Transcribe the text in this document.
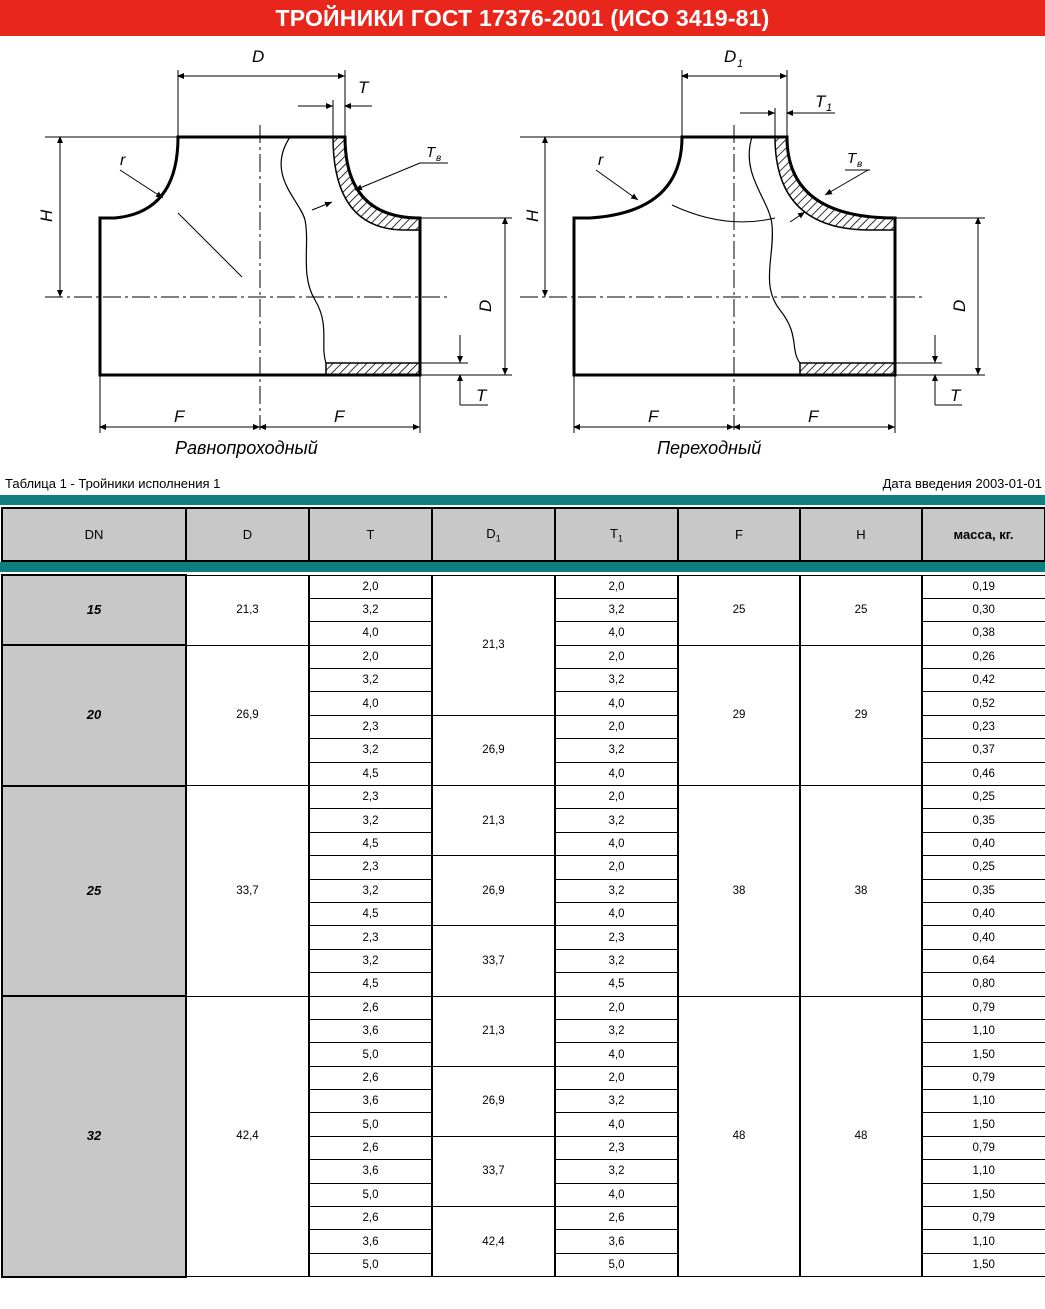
ТРОЙНИКИ ГОСТ 17376-2001 (ИСО 3419-81)
D
T
T в
r
H
D
T
F	F
Равнопроходный
D 1
T 1
T в
r
H
D
T
F	F
Переходный
Таблица 1 - Тройники исполнения 1	Дата введения 2003-01-01
DN	D	T	$D_1$	$T_1$	F	H	масса, кг.
15	21,3	2,0	21,3	2,0	25	25	0,19
		3,2		3,2			0,30
		4,0		4,0			0,38
20	26,9	2,0		2,0	29	29	0,26
		3,2		3,2			0,42
		4,0		4,0			0,52
		2,3	26,9	2,0			0,23
		3,2		3,2			0,37
		4,5		4,0			0,46
25	33,7	2,3	21,3	2,0	38	38	0,25
		3,2		3,2			0,35
		4,5		4,0			0,40
		2,3	26,9	2,0			0,25
		3,2		3,2			0,35
		4,5		4,0			0,40
		2,3	33,7	2,3			0,40
		3,2		3,2			0,64
		4,5		4,5			0,80
32	42,4	2,6	21,3	2,0	48	48	0,79
		3,6		3,2			1,10
		5,0		4,0			1,50
		2,6	26,9	2,0			0,79
		3,6		3,2			1,10
		5,0		4,0			1,50
		2,6	33,7	2,3			0,79
		3,6		3,2			1,10
		5,0		4,0			1,50
		2,6	42,4	2,6			0,79
		3,6		3,6			1,10
		5,0		5,0			1,50
